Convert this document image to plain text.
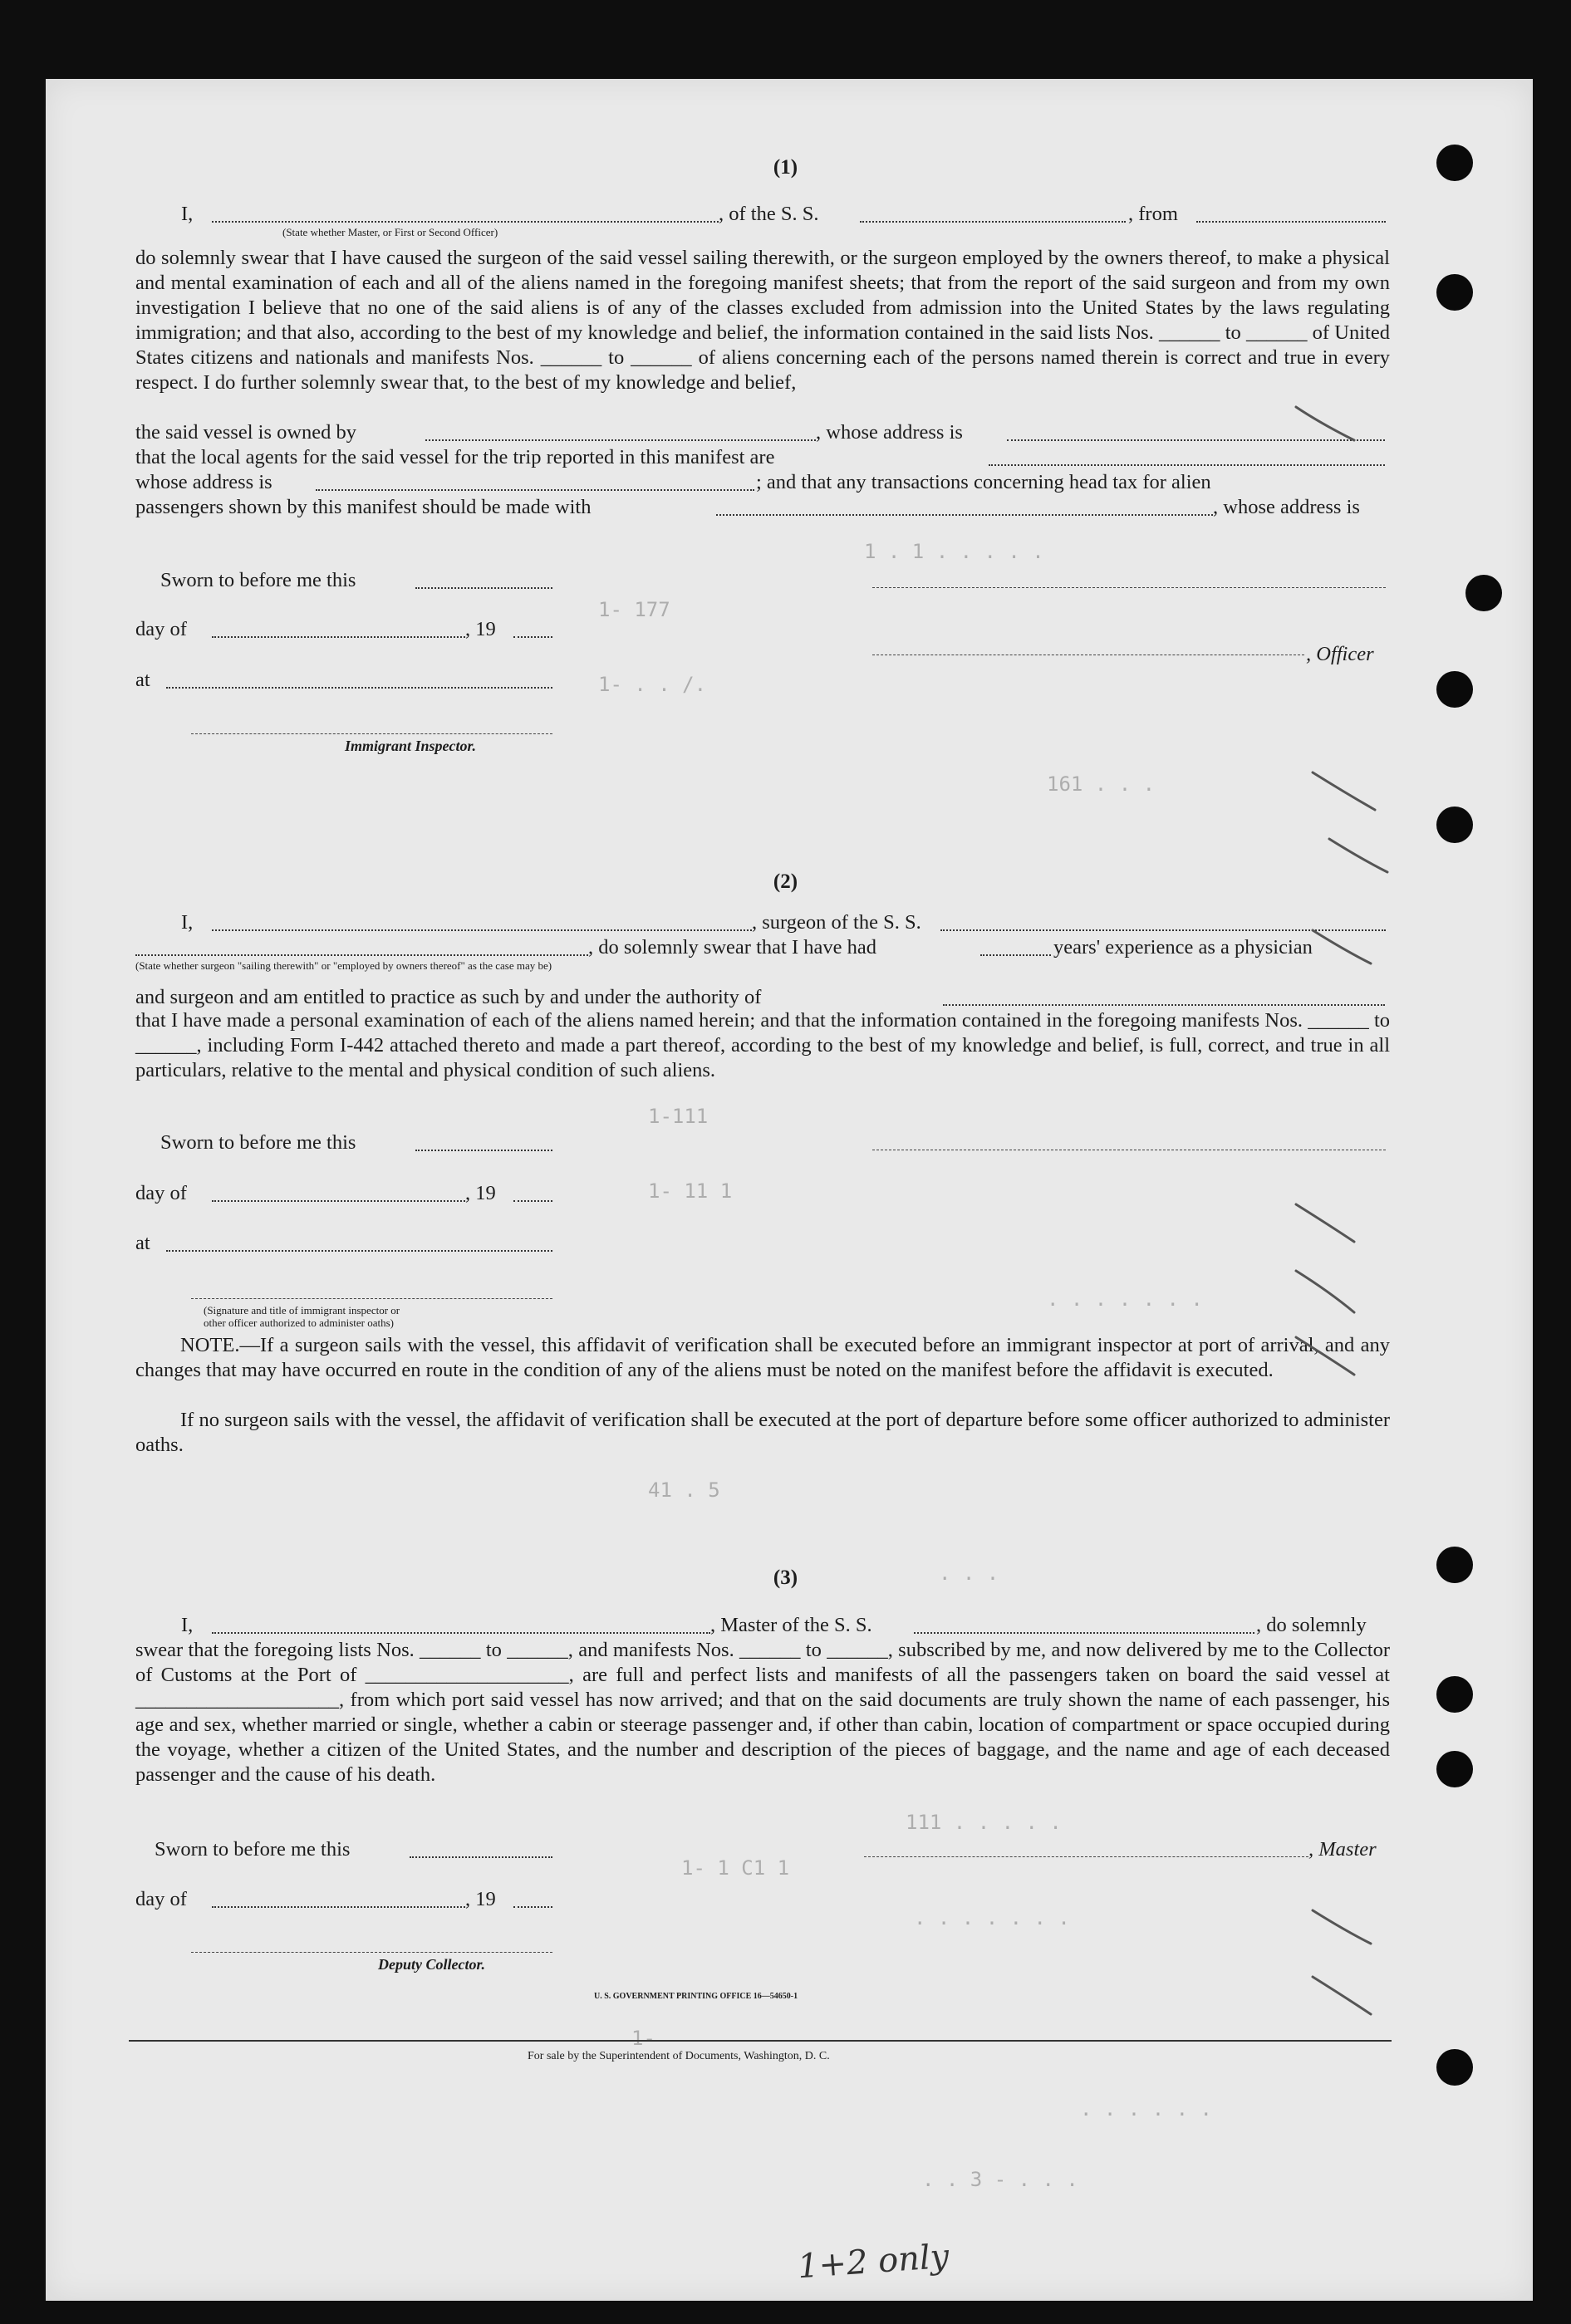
1 . 1 . . . . .
1- 177
1- . . /.
161 . . .
1-111
1- 11 1
. . . . . . .
41 . 5
. . .
111 . . . . .
1- 1 C1 1
. . . . . . .
1-
. . . . . .
. . 3 - . . .
(1)
I,	, of the S. S.	, from
(State whether Master, or First or Second Officer)
do solemnly swear that I have caused the surgeon of the said vessel sailing therewith, or the surgeon employed by the owners thereof, to make a physical and mental examination of each and all of the aliens named in the foregoing manifest sheets; that from the report of the said surgeon and from my own investigation I believe that no one of the said aliens is of any of the classes excluded from admission into the United States by the laws regulating immigration; and that also, according to the best of my knowledge and belief, the information contained in the said lists Nos. ______ to ______ of United States citizens and nationals and manifests Nos. ______ to ______ of aliens concerning each of the persons named therein is correct and true in every respect. I do further solemnly swear that, to the best of my knowledge and belief,
the said vessel is owned by	, whose address is
that the local agents for the said vessel for the trip reported in this manifest are
whose address is	; and that any transactions concerning head tax for alien
passengers shown by this manifest should be made with	, whose address is
Sworn to before me this
day of	, 19
, Officer
at
Immigrant Inspector.
(2)
I,	, surgeon of the S. S.
, do solemnly swear that I have had	years' experience as a physician
(State whether surgeon "sailing therewith" or "employed by owners thereof" as the case may be)
and surgeon and am entitled to practice as such by and under the authority of
that I have made a personal examination of each of the aliens named herein; and that the information contained in the foregoing manifests Nos. ______ to ______, including Form I-442 attached thereto and made a part thereof, according to the best of my knowledge and belief, is full, correct, and true in all particulars, relative to the mental and physical condition of such aliens.
Sworn to before me this
day of	, 19
at
(Signature and title of immigrant inspector or
other officer authorized to administer oaths)
NOTE.—If a surgeon sails with the vessel, this affidavit of verification shall be executed before an immigrant inspector at port of arrival, and any changes that may have occurred en route in the condition of any of the aliens must be noted on the manifest before the affidavit is executed.
If no surgeon sails with the vessel, the affidavit of verification shall be executed at the port of departure before some officer authorized to administer oaths.
(3)
I,	, Master of the S. S.	, do solemnly
swear that the foregoing lists Nos. ______ to ______, and manifests Nos. ______ to ______, subscribed by me, and now delivered by me to the Collector of Customs at the Port of ____________________, are full and perfect lists and manifests of all the passengers taken on board the said vessel at ____________________, from which port said vessel has now arrived; and that on the said documents are truly shown the name of each passenger, his age and sex, whether married or single, whether a cabin or steerage passenger and, if other than cabin, location of compartment or space occupied during the voyage, whether a citizen of the United States, and the number and description of the pieces of baggage, and the name and age of each deceased passenger and the cause of his death.
Sworn to before me this	, Master
day of	, 19
Deputy Collector.
U. S. GOVERNMENT PRINTING OFFICE 16—54650-1
For sale by the Superintendent of Documents, Washington, D. C.
1+2 only
